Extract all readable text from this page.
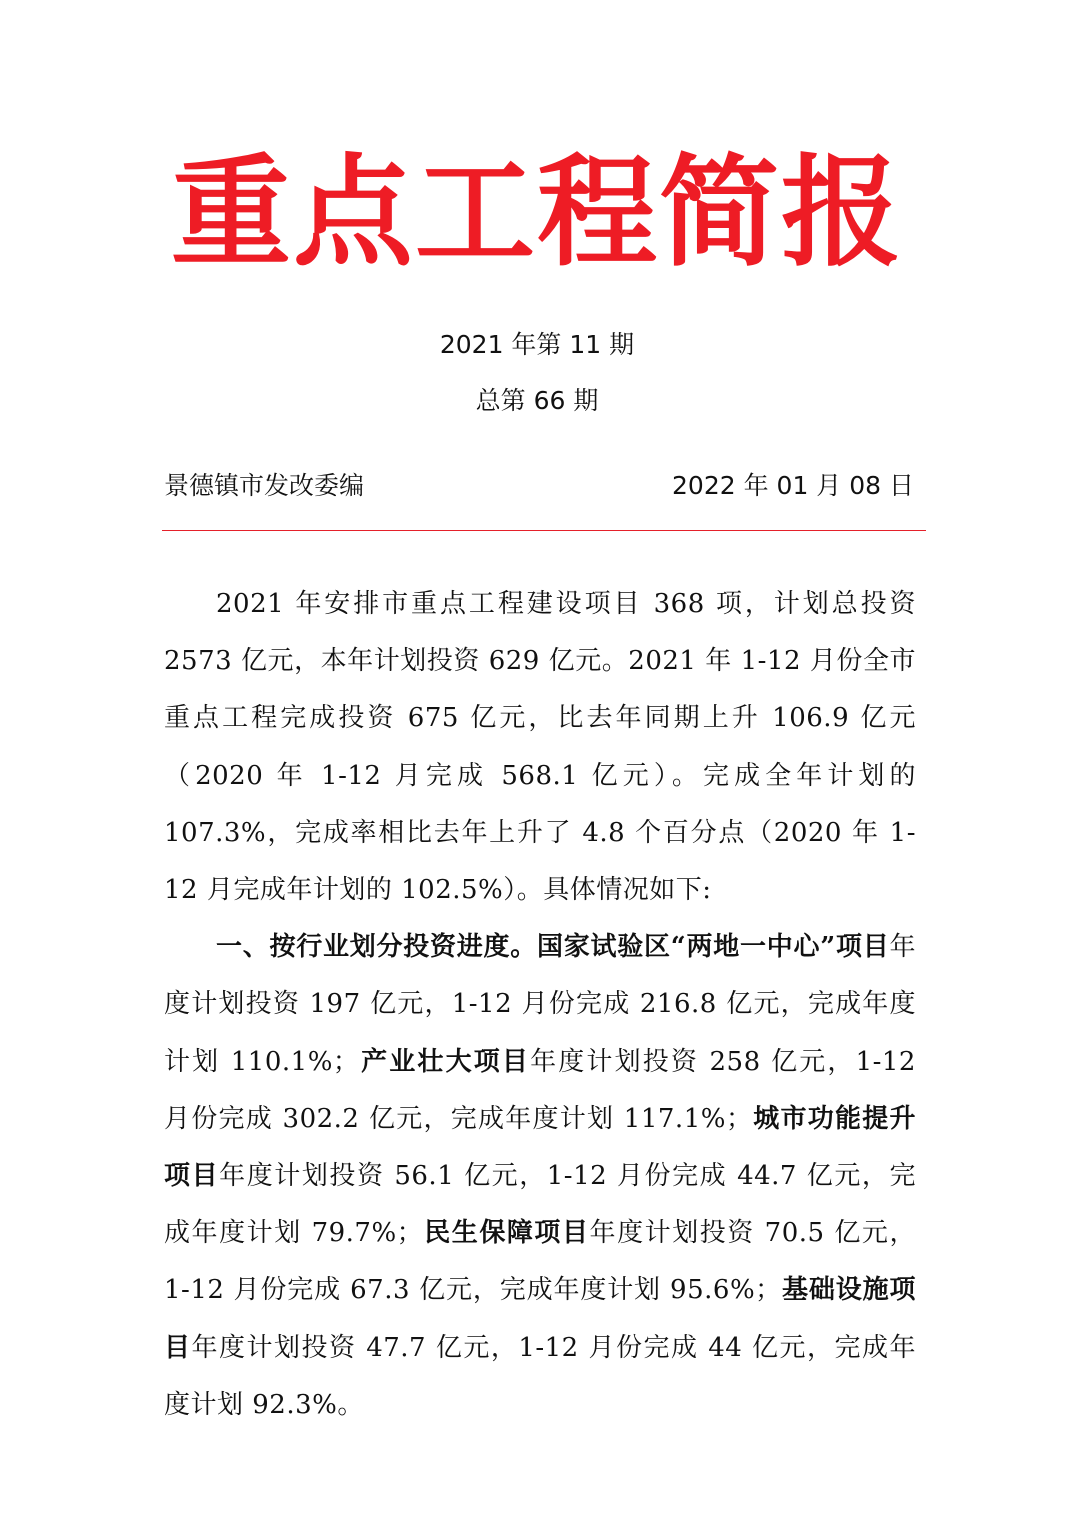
重点工程简报
2021 年第 11 期
总第 66 期
景德镇市发改委编	2022 年 01 月 08 日

2021 年安排市重点工程建设项目 368 项，计划总投资 2573 亿元，本年计划投资 629 亿元。2021 年 1-12 月份全市重点工程完成投资 675 亿元，比去年同期上升 106.9 亿元（2020 年 1-12 月完成 568.1 亿元）。完成全年计划的 107.3%，完成率相比去年上升了 4.8 个百分点（2020 年 1-12 月完成年计划的 102.5%）。具体情况如下:

一、按行业划分投资进度。国家试验区“两地一中心”项目年度计划投资 197 亿元，1-12 月份完成 216.8 亿元，完成年度计划 110.1%；产业壮大项目年度计划投资 258 亿元，1-12 月份完成 302.2 亿元，完成年度计划 117.1%；城市功能提升项目年度计划投资 56.1 亿元，1-12 月份完成 44.7 亿元，完成年度计划 79.7%；民生保障项目年度计划投资 70.5 亿元，1-12 月份完成 67.3 亿元，完成年度计划 95.6%；基础设施项目年度计划投资 47.7 亿元，1-12 月份完成 44 亿元，完成年度计划 92.3%。
